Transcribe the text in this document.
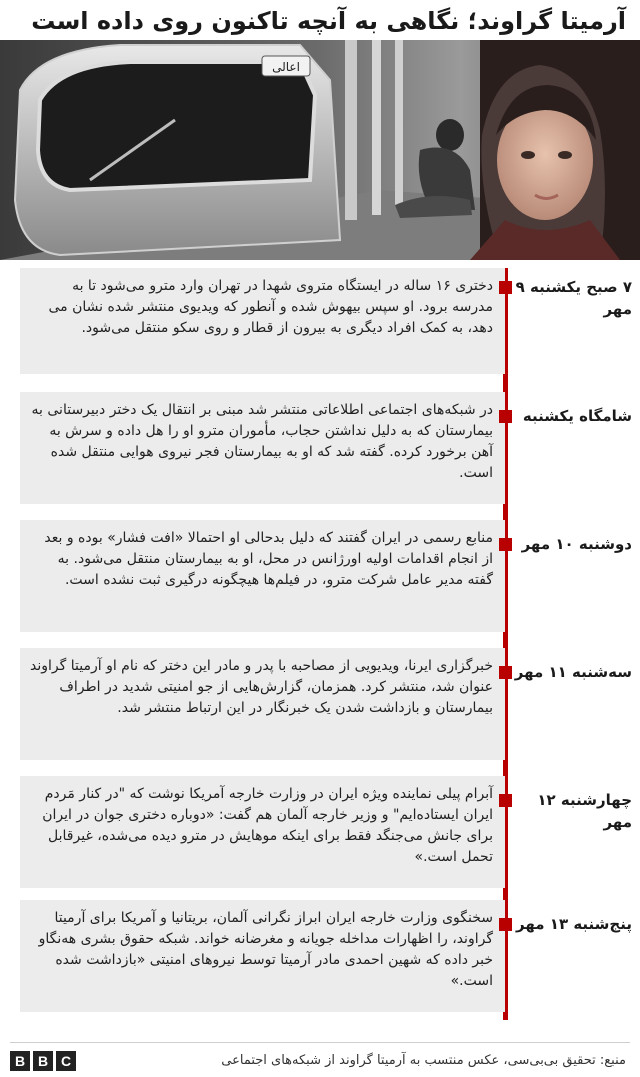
آرمیتا گراوند؛ نگاهی به آنچه تاکنون روی داده است
اعالی
دختری ۱۶ ساله در ایستگاه متروی شهدا در تهران وارد مترو می‌شود تا به مدرسه برود. او سپس بیهوش شده و آنطور که ویدیوی منتشر شده نشان می دهد، به کمک افراد دیگری به بیرون از قطار و روی سکو منتقل می‌شود.
۷ صبح یکشنبه ۹ مهر
در شبکه‌های اجتماعی اطلاعاتی منتشر شد مبنی بر انتقال یک دختر دبیرستانی به بیمارستان که به دلیل نداشتن حجاب، مأموران مترو او را هل داده و سرش به آهن برخورد کرده. گفته شد که او به بیمارستان فجر نیروی هوایی منتقل شده است.
شامگاه یکشنبه
منابع رسمی در ایران گفتند که دلیل بدحالی او احتمالا «افت فشار» بوده و بعد از انجام اقدامات اولیه اورژانس در محل، او به بیمارستان منتقل می‌شود. به گفته مدیر عامل شرکت مترو، در فیلم‌ها هیچگونه درگیری ثبت نشده است.
دوشنبه ۱۰ مهر
خبرگزاری ایرنا، ویدیویی از مصاحبه با پدر و مادر این دختر که نام او آرمیتا گراوند عنوان شد، منتشر کرد. همزمان، گزارش‌هایی از جو امنیتی شدید در اطراف بیمارستان و بازداشت شدن یک خبرنگار در این ارتباط منتشر شد.
سه‌شنبه ۱۱ مهر
آبرام پیلی نماینده ویژه ایران در وزارت خارجه آمریکا نوشت که "در کنار مَردم ایران ایستاده‌ایم" و وزیر خارجه آلمان هم گفت: «دوباره دختری جوان در ایران برای جانش می‌جنگد فقط برای اینکه موهایش در مترو دیده می‌شده، غیرقابل تحمل است.»
چهارشنبه ۱۲ مهر
سخنگوی وزارت خارجه ایران ابراز نگرانی آلمان، بریتانیا و آمریکا برای آرمیتا گراوند، را اظهارات مداخله جویانه و مغرضانه خواند. شبکه حقوق بشری هه‌نگاو خبر داده که شهین احمدی مادر آرمیتا توسط نیروهای امنیتی «بازداشت شده است.»
پنج‌شنبه ۱۳ مهر
B B C	منبع: تحقیق بی‌بی‌سی، عکس منتسب به آرمیتا گراوند از شبکه‌های اجتماعی
